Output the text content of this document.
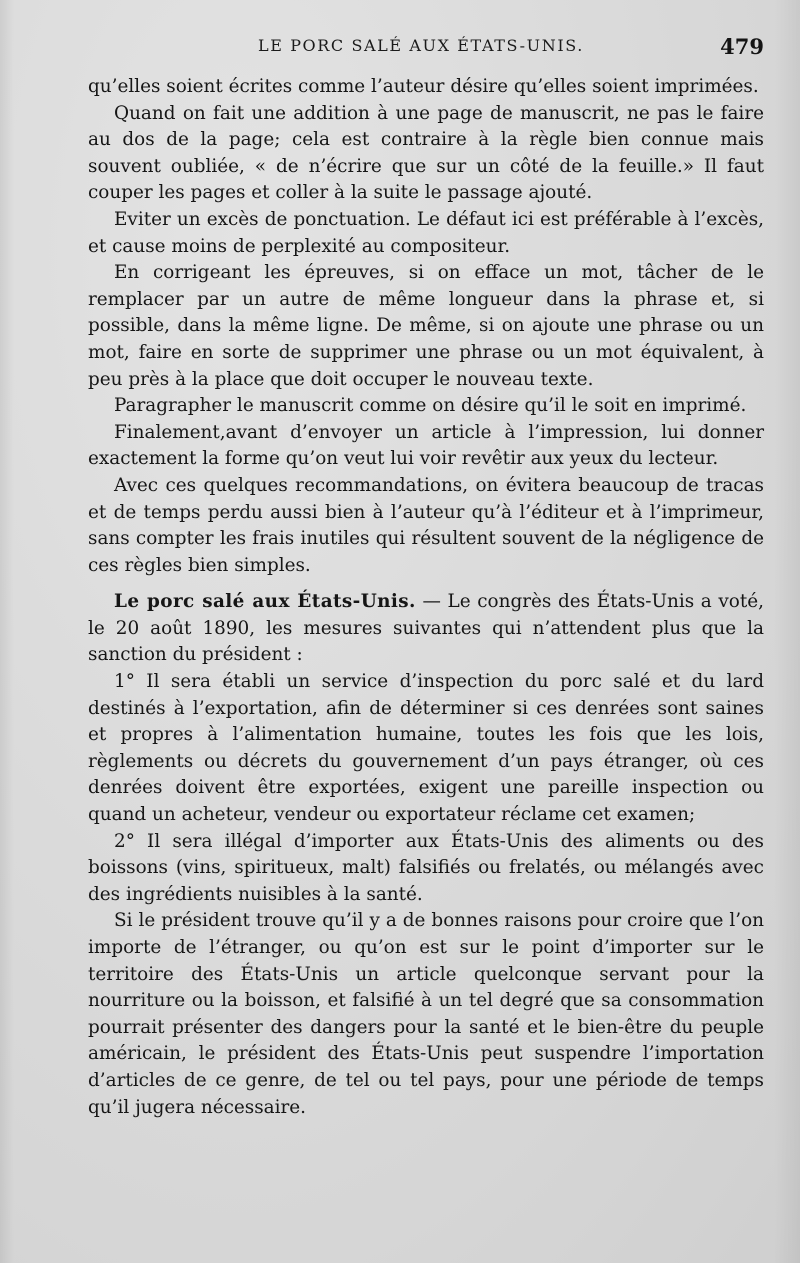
LE PORC SALÉ AUX ÉTATS-UNIS.	479

qu’elles soient écrites comme l’auteur désire qu’elles soient imprimées.

Quand on fait une addition à une page de manuscrit, ne pas le faire au dos de la page; cela est contraire à la règle bien connue mais souvent oubliée, « de n’écrire que sur un côté de la feuille.» Il faut couper les pages et coller à la suite le passage ajouté.

Eviter un excès de ponctuation. Le défaut ici est préférable à l’excès, et cause moins de perplexité au compositeur.

En corrigeant les épreuves, si on efface un mot, tâcher de le remplacer par un autre de même longueur dans la phrase et, si possible, dans la même ligne. De même, si on ajoute une phrase ou un mot, faire en sorte de supprimer une phrase ou un mot équivalent, à peu près à la place que doit occuper le nouveau texte.

Paragrapher le manuscrit comme on désire qu’il le soit en imprimé.

Finalement,avant d’envoyer un article à l’impression, lui donner exactement la forme qu’on veut lui voir revêtir aux yeux du lecteur.

Avec ces quelques recommandations, on évitera beaucoup de tracas et de temps perdu aussi bien à l’auteur qu’à l’éditeur et à l’imprimeur, sans compter les frais inutiles qui résultent souvent de la négligence de ces règles bien simples.

Le porc salé aux États-Unis. — Le congrès des États-Unis a voté, le 20 août 1890, les mesures suivantes qui n’attendent plus que la sanction du président :

1° Il sera établi un service d’inspection du porc salé et du lard destinés à l’exportation, afin de déterminer si ces denrées sont saines et propres à l’alimentation humaine, toutes les fois que les lois, règlements ou décrets du gouvernement d’un pays étranger, où ces denrées doivent être exportées, exigent une pareille inspection ou quand un acheteur, vendeur ou exportateur réclame cet examen;

2° Il sera illégal d’importer aux États-Unis des aliments ou des boissons (vins, spiritueux, malt) falsifiés ou frelatés, ou mélangés avec des ingrédients nuisibles à la santé.

Si le président trouve qu’il y a de bonnes raisons pour croire que l’on importe de l’étranger, ou qu’on est sur le point d’importer sur le territoire des États-Unis un article quelconque servant pour la nourriture ou la boisson, et falsifié à un tel degré que sa consommation pourrait présenter des dangers pour la santé et le bien-être du peuple américain, le président des États-Unis peut suspendre l’importation d’articles de ce genre, de tel ou tel pays, pour une période de temps qu’il jugera nécessaire.
